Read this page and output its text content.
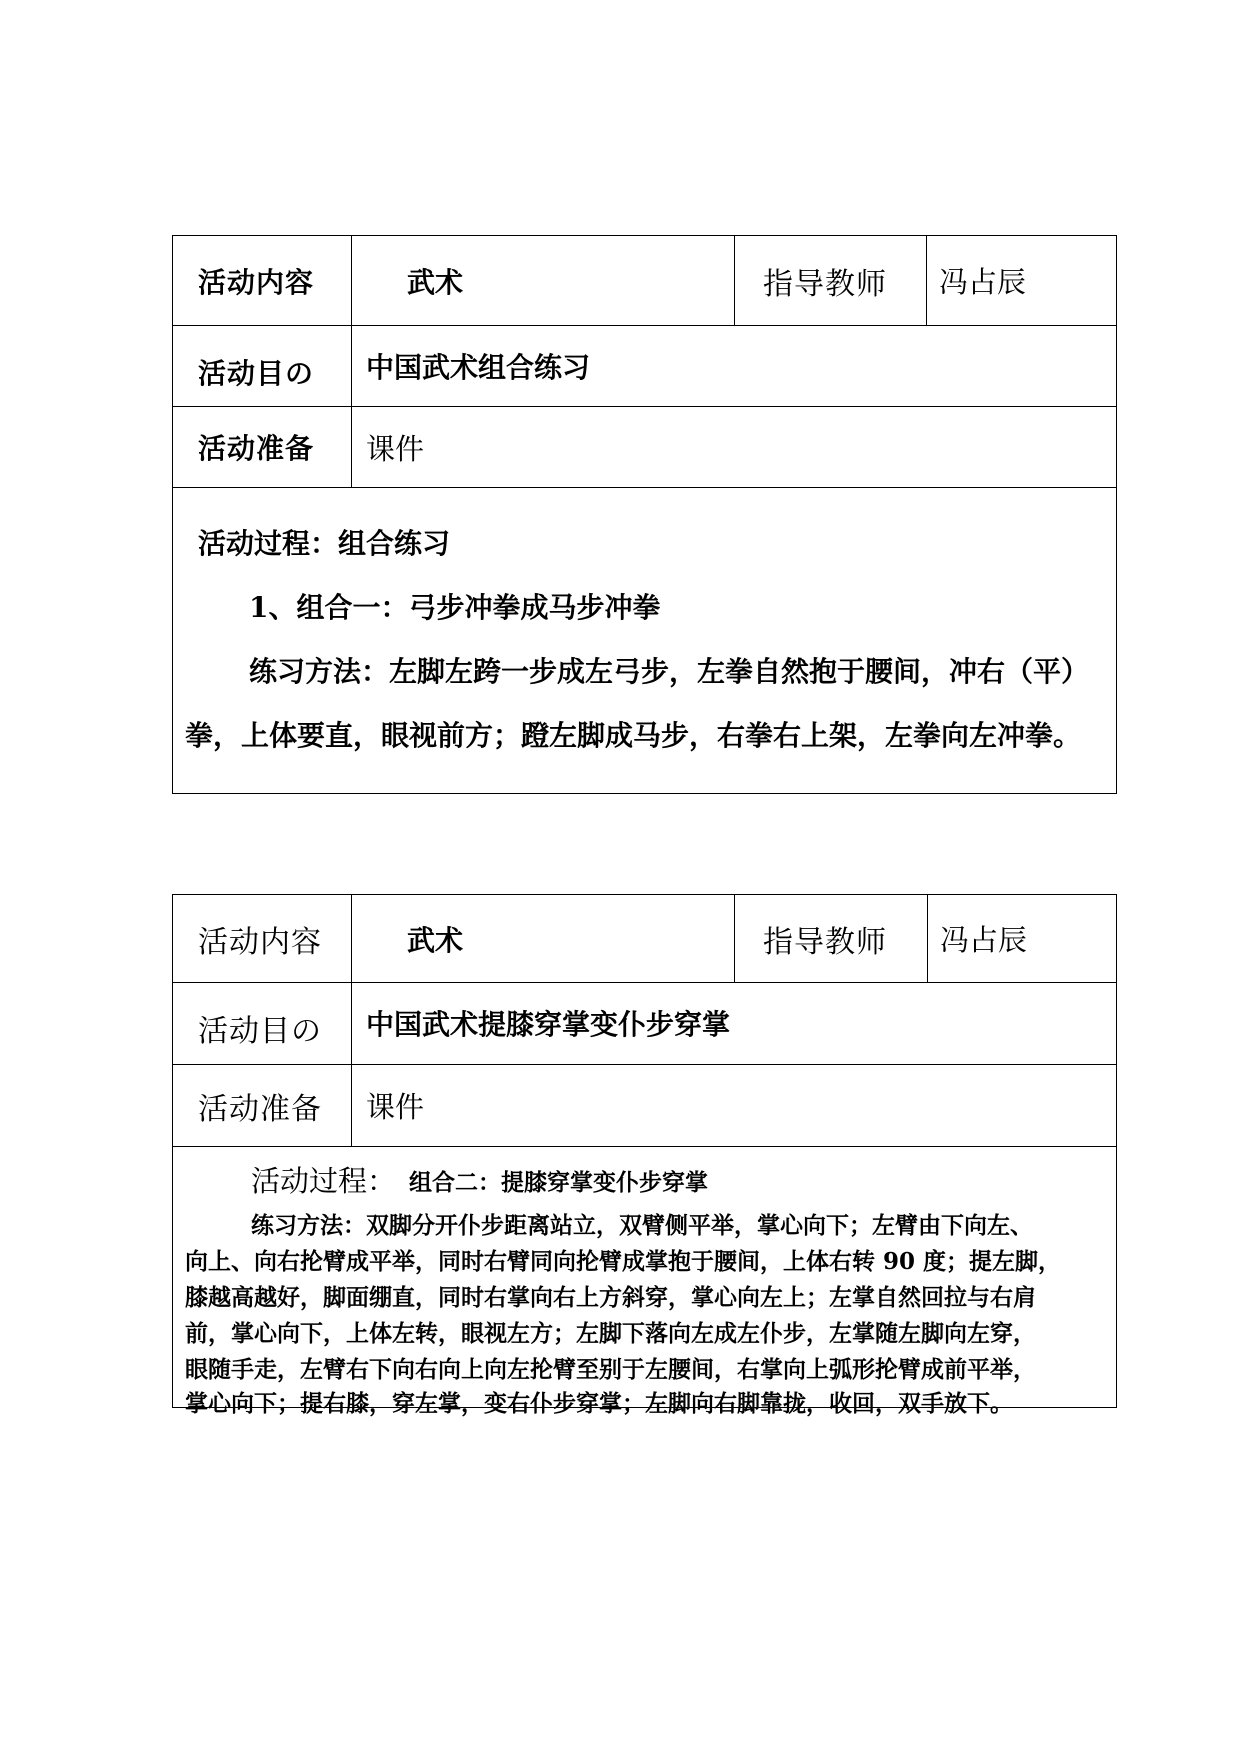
活动内容	武术	指导教师 冯占辰
活动目の 中国武术组合练习
活动准备 课件
活动过程：组合练习
1、组合一：弓步冲拳成马步冲拳
练习方法：左脚左跨一步成左弓步，左拳自然抱于腰间，冲右（平）
拳，上体要直，眼视前方；蹬左脚成马步，右拳右上架，左拳向左冲拳。
活动内容	武术	指导教师 冯占辰
活动目の 中国武术提膝穿掌变仆步穿掌
活动准备 课件
活动过程： 组合二：提膝穿掌变仆步穿掌
练习方法：双脚分开仆步距离站立，双臂侧平举，掌心向下；左臂由下向左、
向上、向右抡臂成平举，同时右臂同向抡臂成掌抱于腰间，上体右转 90 度；提左脚，
膝越高越好，脚面绷直，同时右掌向右上方斜穿，掌心向左上；左掌自然回拉与右肩
前，掌心向下，上体左转，眼视左方；左脚下落向左成左仆步，左掌随左脚向左穿，
眼随手走，左臂右下向右向上向左抡臂至别于左腰间，右掌向上弧形抡臂成前平举，
掌心向下；提右膝，穿左掌，变右仆步穿掌；左脚向右脚靠拢，收回，双手放下。
